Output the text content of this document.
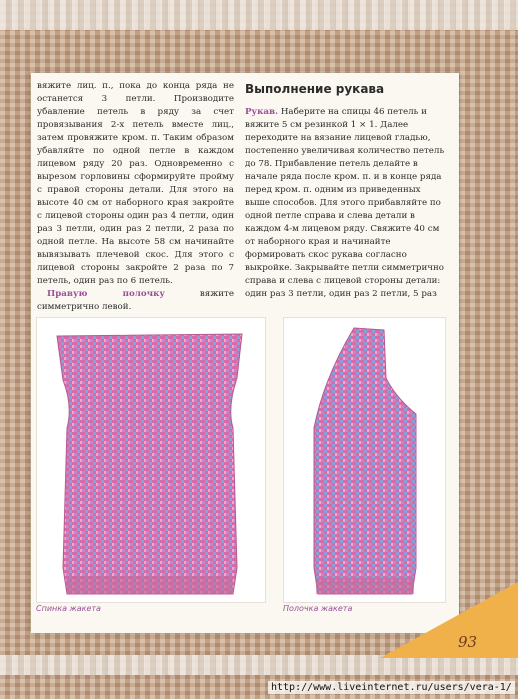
вяжите лиц. п., пока до конца ряда не останется 3 петли. Производите убавление петель в ряду за счет провязывания 2-х петель вместе лиц., затем провяжите кром. п. Таким образом убавляйте по одной петле в каждом лицевом ряду 20 раз. Одновременно с вырезом горловины сформируйте пройму с правой стороны детали. Для этого на высоте 40 см от наборного края закройте с лицевой стороны один раз 4 петли, один раз 3 петли, один раз 2 петли, 2 раза по одной петле. На высоте 58 см начинайте вывязывать плечевой скос. Для этого с лицевой стороны закройте 2 раза по 7 петель, один раз по 6 петель.
Правую полочку вяжите симметрично левой.
Выполнение рукава
Рукав. Наберите на спицы 46 петель и вяжите 5 см резинкой 1 × 1. Далее переходите на вязание лицевой гладью, постепенно увеличивая количество петель до 78. Прибавление петель делайте в начале ряда после кром. п. и в конце ряда перед кром. п. одним из приведенных выше способов. Для этого прибавляйте по одной петле справа и слева детали в каждом 4-м лицевом ряду. Свяжите 40 см от наборного края и начинайте формировать скос рукава согласно выкройке. Закрывайте петли симметрично справа и слева с лицевой стороны детали: один раз 3 петли, один раз 2 петли, 5 раз
Спинка жакета	Полочка жакета
93
http://www.liveinternet.ru/users/vera-1/
